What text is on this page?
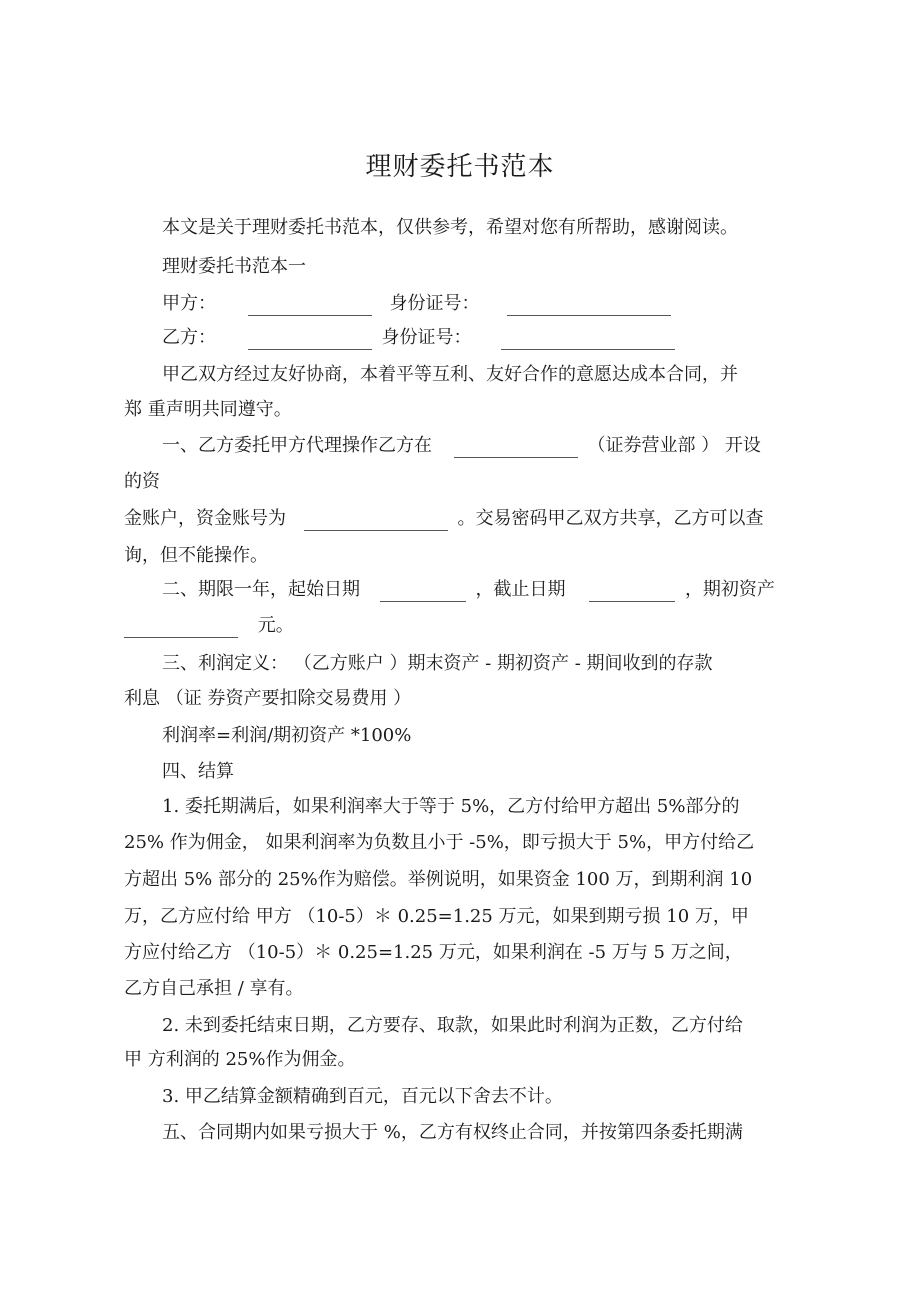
理财委托书范本
本文是关于理财委托书范本，仅供参考，希望对您有所帮助，感谢阅读。
理财委托书范本一
甲方：	身份证号：
乙方：	身份证号：
甲乙双方经过友好协商，本着平等互利、友好合作的意愿达成本合同，并
郑 重声明共同遵守。
一、乙方委托甲方代理操作乙方在	（证券营业部 ） 开设
的资
金账户，资金账号为	。交易密码甲乙双方共享，乙方可以查
询，但不能操作。
二、期限一年，起始日期	，截止日期	，期初资产
元。
三、利润定义： （乙方账户 ）期末资产 - 期初资产 - 期间收到的存款
利息 （证 券资产要扣除交易费用 ）
利润率=利润/期初资产 *100%
四、结算
1. 委托期满后，如果利润率大于等于 5%，乙方付给甲方超出 5%部分的
25% 作为佣金， 如果利润率为负数且小于 -5%，即亏损大于 5%，甲方付给乙
方超出 5% 部分的 25%作为赔偿。举例说明，如果资金 100 万，到期利润 10
万，乙方应付给 甲方 （10-5）＊ 0.25=1.25 万元，如果到期亏损 10 万，甲
方应付给乙方 （10-5）＊ 0.25=1.25 万元，如果利润在 -5 万与 5 万之间，
乙方自己承担 / 享有。
2. 未到委托结束日期，乙方要存、取款，如果此时利润为正数，乙方付给
甲 方利润的 25%作为佣金。
3. 甲乙结算金额精确到百元，百元以下舍去不计。
五、合同期内如果亏损大于 %，乙方有权终止合同，并按第四条委托期满
